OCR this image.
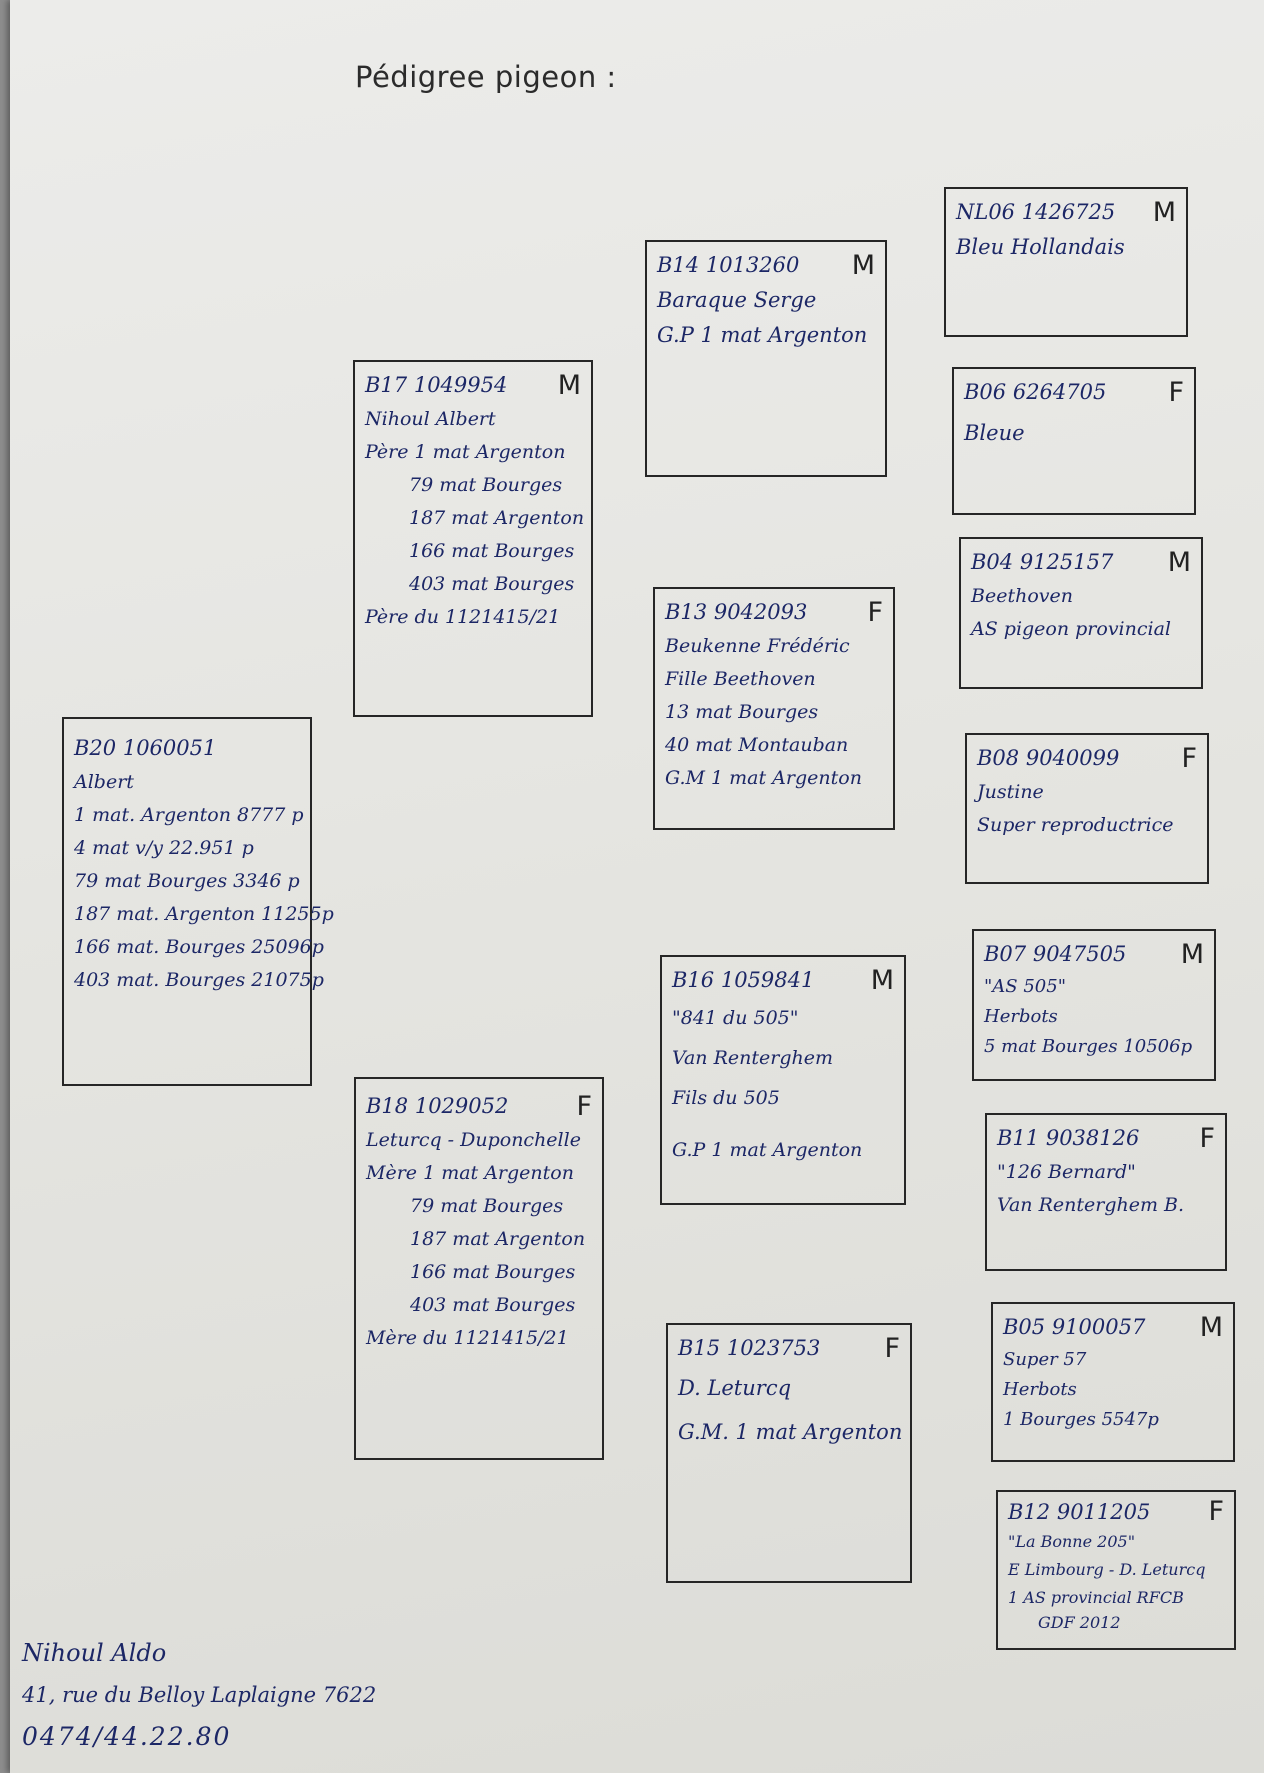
Pédigree pigeon :
B20 1060051
Albert
1 mat. Argenton 8777 p
4 mat v/y 22.951 p
79 mat Bourges 3346 p
187 mat. Argenton 11255p
166 mat. Bourges 25096p
403 mat. Bourges 21075p
B17 1049954 M
Nihoul Albert
Père 1 mat Argenton
79 mat Bourges
187 mat Argenton
166 mat Bourges
403 mat Bourges
Père du 1121415/21
B18 1029052	F
Leturcq - Duponchelle
Mère 1 mat Argenton
79 mat Bourges
187 mat Argenton
166 mat Bourges
403 mat Bourges
Mère du 1121415/21
B14 1013260 M
Baraque Serge
G.P 1 mat Argenton
B13 9042093 F
Beukenne Frédéric
Fille Beethoven
13 mat Bourges
40 mat Montauban
G.M 1 mat Argenton
B16 1059841 M
"841 du 505"
Van Renterghem
Fils du 505
G.P 1 mat Argenton
B15 1023753 F
D. Leturcq
G.M. 1 mat Argenton
NL06 1426725 M
Bleu Hollandais
B06 6264705 F
Bleue
B04 9125157 M
Beethoven
AS pigeon provincial
B08 9040099 F
Justine
Super reproductrice
B07 9047505 M
"AS 505"
Herbots
5 mat Bourges 10506p
B11 9038126 F
"126 Bernard"
Van Renterghem B.
B05 9100057 M
Super 57
Herbots
1 Bourges 5547p
B12 9011205 F
"La Bonne 205"
E Limbourg - D. Leturcq
1 AS provincial RFCB
GDF 2012
Nihoul Aldo
41, rue du Belloy Laplaigne 7622
0474/44.22.80
